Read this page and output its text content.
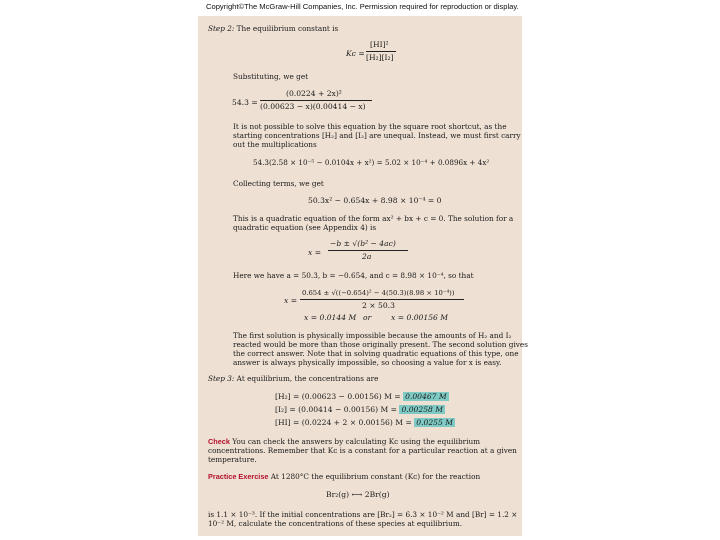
Copyright©The McGraw-Hill Companies, Inc. Permission required for reproduction or display.
Step 2: The equilibrium constant is
Kᴄ =
[HI]²
[H₂][I₂]
Substituting, we get
54.3 =
(0.0224 + 2x)²
(0.00623 − x)(0.00414 − x)
It is not possible to solve this equation by the square root shortcut, as the
starting concentrations [H₂] and [I₂] are unequal. Instead, we must first carry
out the multiplications
54.3(2.58 × 10⁻⁵ − 0.0104x + x²) = 5.02 × 10⁻⁴ + 0.0896x + 4x²
Collecting terms, we get
50.3x² − 0.654x + 8.98 × 10⁻⁴ = 0
This is a quadratic equation of the form ax² + bx + c = 0. The solution for a
quadratic equation (see Appendix 4) is
x =
−b ± √(b² − 4ac)
2a
Here we have a = 50.3, b = −0.654, and c = 8.98 × 10⁻⁴, so that
x =
0.654 ± √((−0.654)² − 4(50.3)(8.98 × 10⁻⁴))
2 × 50.3
x = 0.0144 M or	x = 0.00156 M
The first solution is physically impossible because the amounts of H₂ and I₂
reacted would be more than those originally present. The second solution gives
the correct answer. Note that in solving quadratic equations of this type, one
answer is always physically impossible, so choosing a value for x is easy.
Step 3: At equilibrium, the concentrations are
[H₂] = (0.00623 − 0.00156) M = 0.00467 M
[I₂] = (0.00414 − 0.00156) M = 0.00258 M
[HI] = (0.0224 + 2 × 0.00156) M = 0.0255 M
Check You can check the answers by calculating Kᴄ using the equilibrium
concentrations. Remember that Kᴄ is a constant for a particular reaction at a given
temperature.
Practice Exercise At 1280°C the equilibrium constant (Kᴄ) for the reaction
Br₂(g) ⟷ 2Br(g)
is 1.1 × 10⁻³. If the initial concentrations are [Br₂] = 6.3 × 10⁻² M and [Br] = 1.2 ×
10⁻² M, calculate the concentrations of these species at equilibrium.
